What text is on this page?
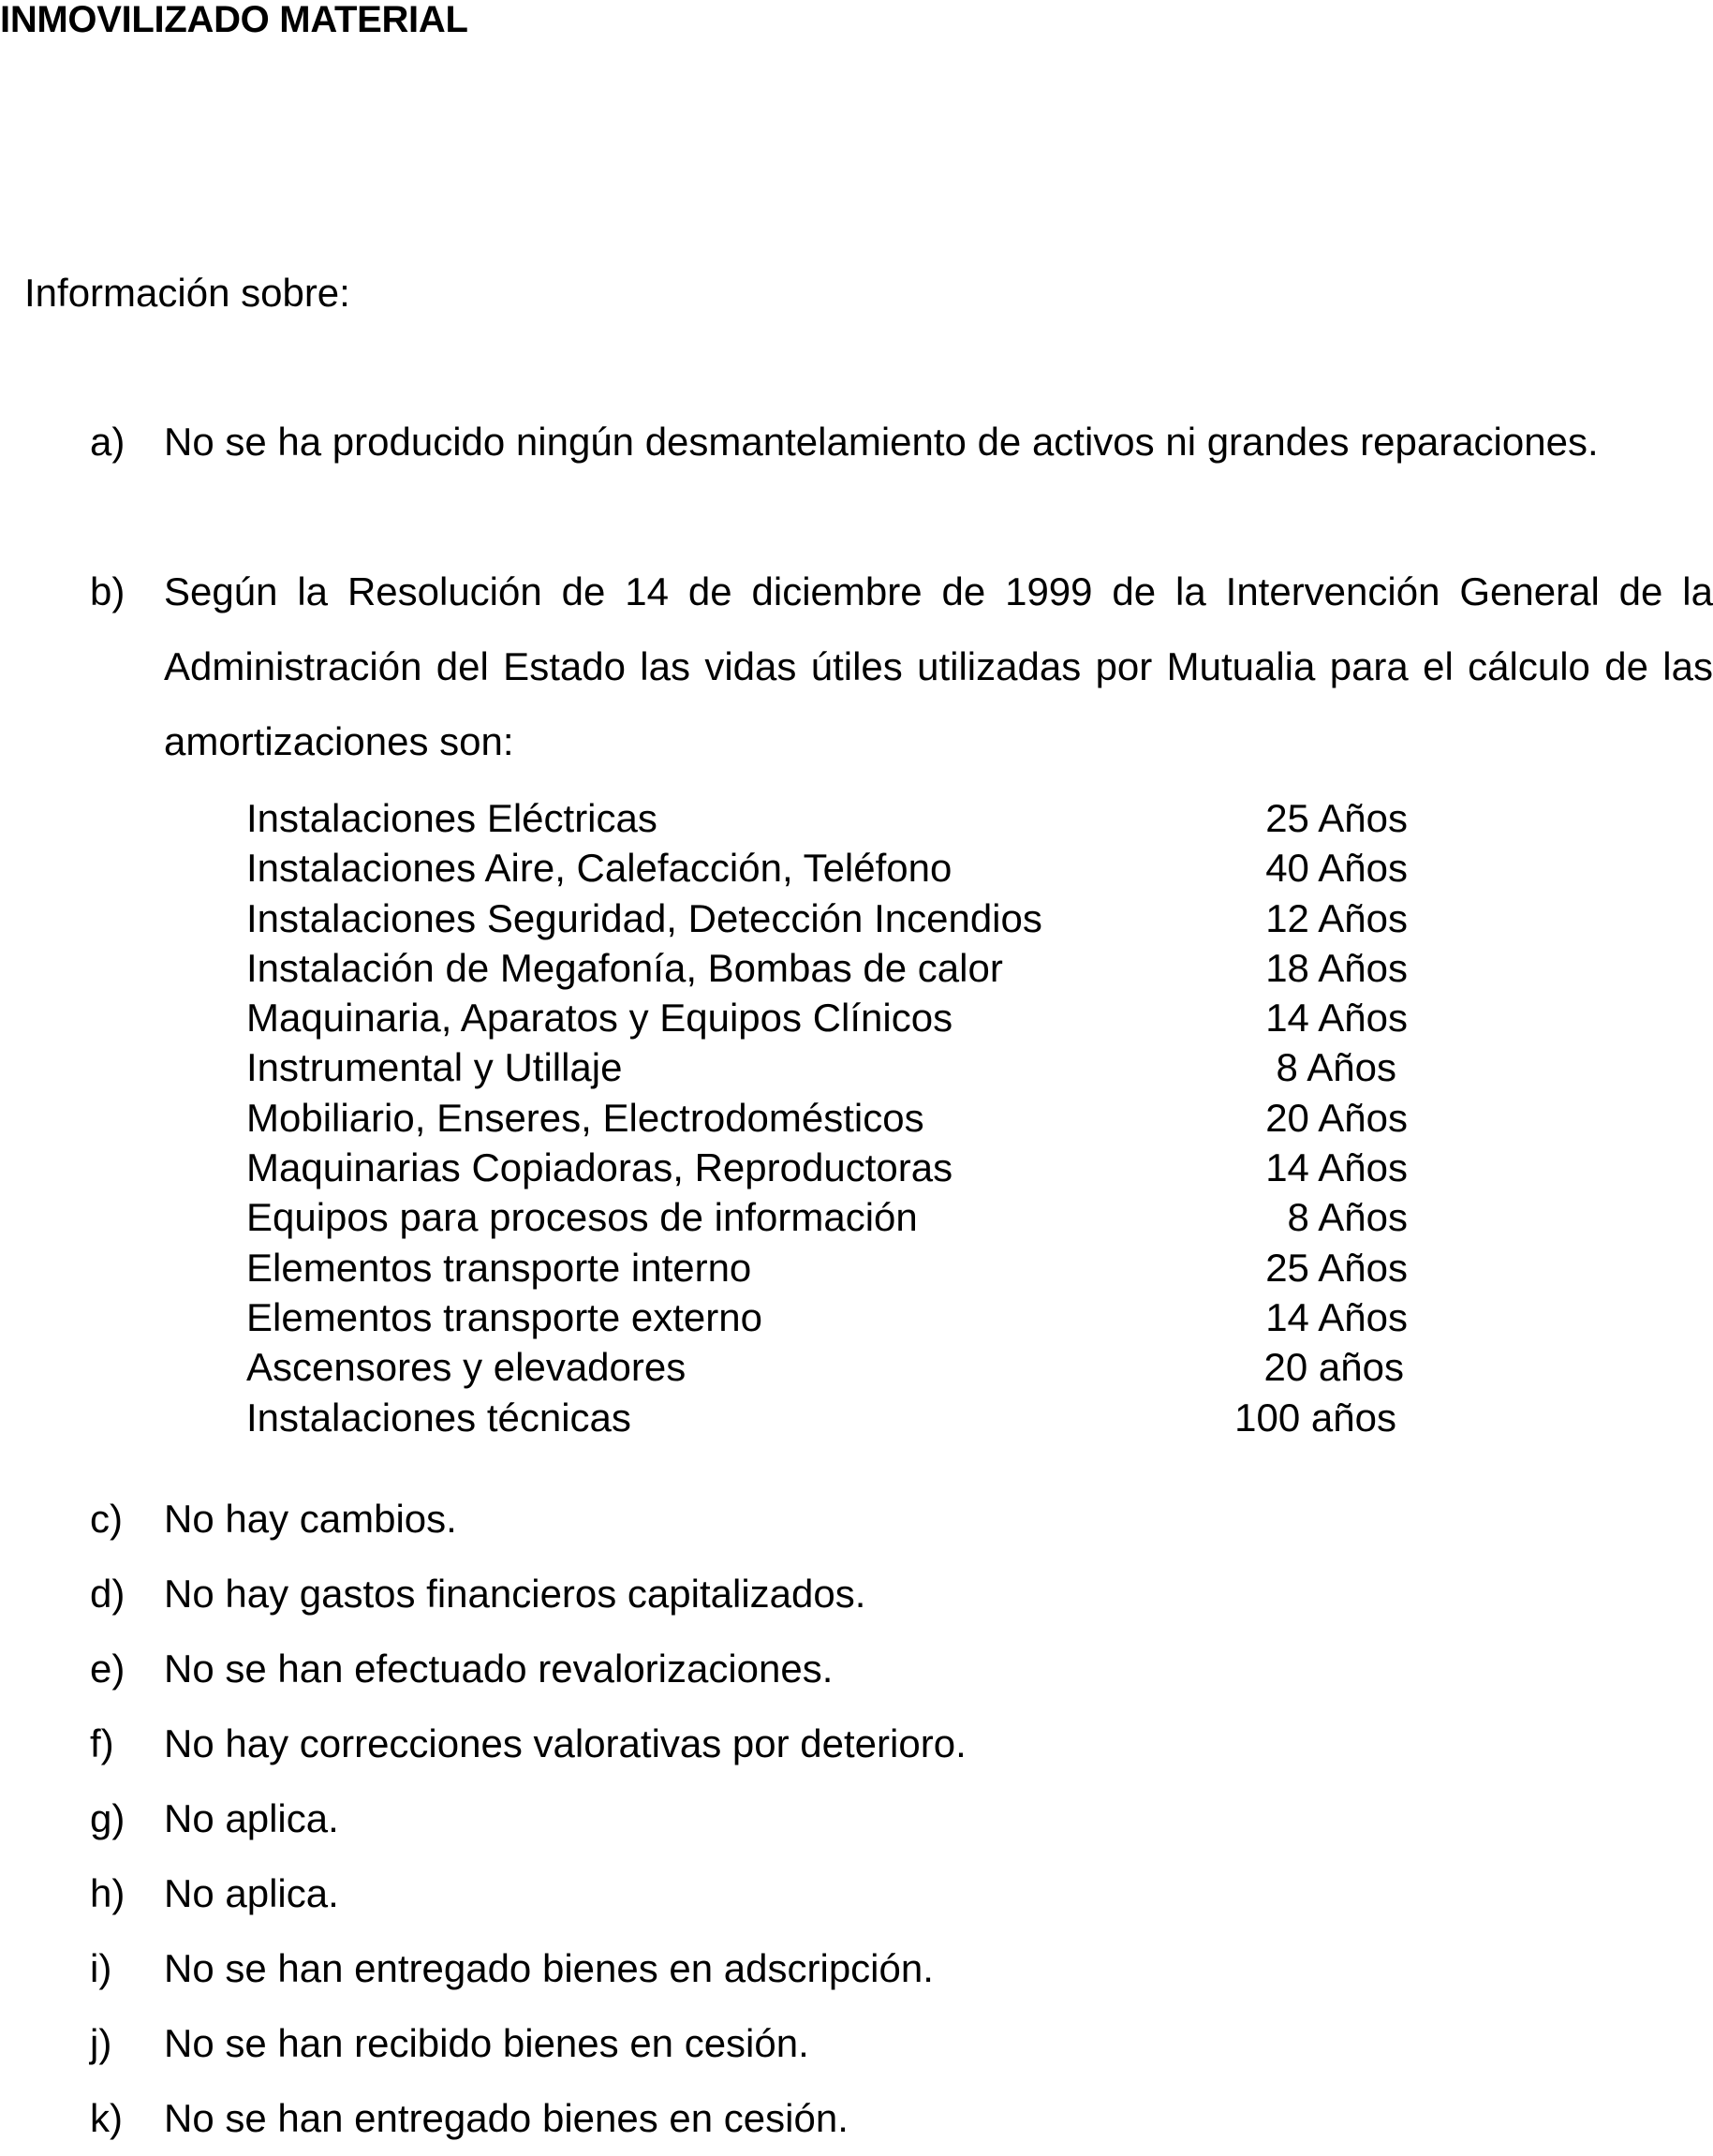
INMOVILIZADO MATERIAL
Información sobre:
a) No se ha producido ningún desmantelamiento de activos ni grandes reparaciones.
b) Según la Resolución de 14 de diciembre de 1999 de la Intervención General de la Administración del Estado las vidas útiles utilizadas por Mutualia para el cálculo de las amortizaciones son:
Instalaciones Eléctricas	25 Años
Instalaciones Aire, Calefacción, Teléfono	40 Años
Instalaciones Seguridad, Detección Incendios	12 Años
Instalación de Megafonía, Bombas de calor	18 Años
Maquinaria, Aparatos y Equipos Clínicos	14 Años
Instrumental y Utillaje	8 Años
Mobiliario, Enseres, Electrodomésticos	20 Años
Maquinarias Copiadoras, Reproductoras	14 Años
Equipos para procesos de información	8 Años
Elementos transporte interno	25 Años
Elementos transporte externo	14 Años
Ascensores y elevadores	20 años
Instalaciones técnicas	100 años
c)	No hay cambios.
d) No hay gastos financieros capitalizados.
e) No se han efectuado revalorizaciones.
f)	No hay correcciones valorativas por deterioro.
g) No aplica.
h) No aplica.
i)	No se han entregado bienes en adscripción.
j)	No se han recibido bienes en cesión.
k)	No se han entregado bienes en cesión.
